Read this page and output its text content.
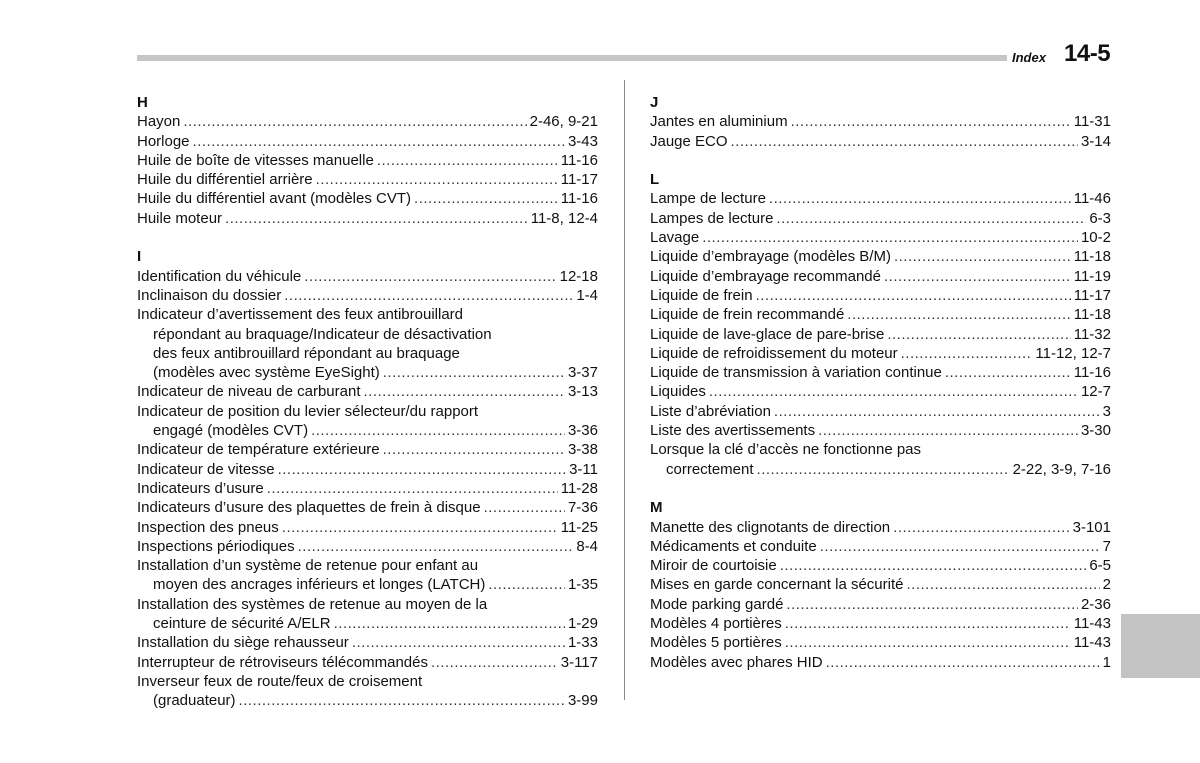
Index 14-5
H
Hayon .....	2-46, 9-21
Horloge .....	3-43
Huile de boîte de vitesses manuelle .....	11-16
Huile du différentiel arrière .....	11-17
Huile du différentiel avant (modèles CVT) .....	11-16
Huile moteur .....	11-8, 12-4
I
Identification du véhicule .....	12-18
Inclinaison du dossier .....	1-4
Indicateur d’avertissement des feux antibrouillard
répondant au braquage/Indicateur de désactivation
des feux antibrouillard répondant au braquage
(modèles avec système EyeSight) .....	3-37
Indicateur de niveau de carburant .....	3-13
Indicateur de position du levier sélecteur/du rapport
engagé (modèles CVT) .....	3-36
Indicateur de température extérieure .....	3-38
Indicateur de vitesse .....	3-11
Indicateurs d’usure .....	11-28
Indicateurs d’usure des plaquettes de frein à disque .....	7-36
Inspection des pneus .....	11-25
Inspections périodiques .....	8-4
Installation d’un système de retenue pour enfant au
moyen des ancrages inférieurs et longes (LATCH) .....	1-35
Installation des systèmes de retenue au moyen de la
ceinture de sécurité A/ELR .....	1-29
Installation du siège rehausseur .....	1-33
Interrupteur de rétroviseurs télécommandés .....	3-117
Inverseur feux de route/feux de croisement
(graduateur) .....	3-99
J
Jantes en aluminium .....	11-31
Jauge ECO .....	3-14
L
Lampe de lecture .....	11-46
Lampes de lecture .....	6-3
Lavage .....	10-2
Liquide d’embrayage (modèles B/M) .....	11-18
Liquide d’embrayage recommandé .....	11-19
Liquide de frein .....	11-17
Liquide de frein recommandé .....	11-18
Liquide de lave-glace de pare-brise .....	11-32
Liquide de refroidissement du moteur .....	11-12, 12-7
Liquide de transmission à variation continue .....	11-16
Liquides .....	12-7
Liste d’abréviation .....	3
Liste des avertissements .....	3-30
Lorsque la clé d’accès ne fonctionne pas
correctement .....	2-22, 3-9, 7-16
M
Manette des clignotants de direction .....	3-101
Médicaments et conduite .....	7
Miroir de courtoisie .....	6-5
Mises en garde concernant la sécurité .....	2
Mode parking gardé .....	2-36
Modèles 4 portières .....	11-43
Modèles 5 portières .....	11-43
Modèles avec phares HID .....	1
